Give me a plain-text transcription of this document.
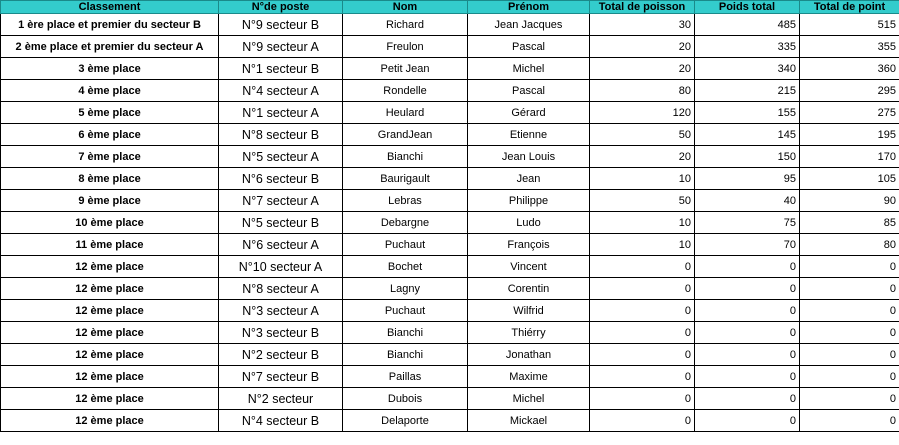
Classement	N°de poste	Nom	Prénom	Total de poisson	Poids total	Total de point
1 ère place et premier du secteur B	N°9 secteur B	Richard	Jean Jacques	30	485	515
2 ème place et premier du secteur A	N°9 secteur A	Freulon	Pascal	20	335	355
3 ème place	N°1 secteur B	Petit Jean	Michel	20	340	360
4 ème place	N°4 secteur A	Rondelle	Pascal	80	215	295
5 ème place	N°1 secteur A	Heulard	Gérard	120	155	275
6 ème place	N°8 secteur B	GrandJean	Etienne	50	145	195
7 ème place	N°5 secteur A	Bianchi	Jean Louis	20	150	170
8 ème place	N°6 secteur B	Baurigault	Jean	10	95	105
9 ème place	N°7 secteur A	Lebras	Philippe	50	40	90
10 ème place	N°5 secteur B	Debargne	Ludo	10	75	85
11 ème place	N°6 secteur A	Puchaut	François	10	70	80
12 ème place	N°10 secteur A	Bochet	Vincent	0	0	0
12 ème place	N°8 secteur A	Lagny	Corentin	0	0	0
12 ème place	N°3 secteur A	Puchaut	Wilfrid	0	0	0
12 ème place	N°3 secteur B	Bianchi	Thiérry	0	0	0
12 ème place	N°2 secteur B	Bianchi	Jonathan	0	0	0
12 ème place	N°7 secteur B	Paillas	Maxime	0	0	0
12 ème place	N°2 secteur	Dubois	Michel	0	0	0
12 ème place	N°4 secteur B	Delaporte	Mickael	0	0	0
